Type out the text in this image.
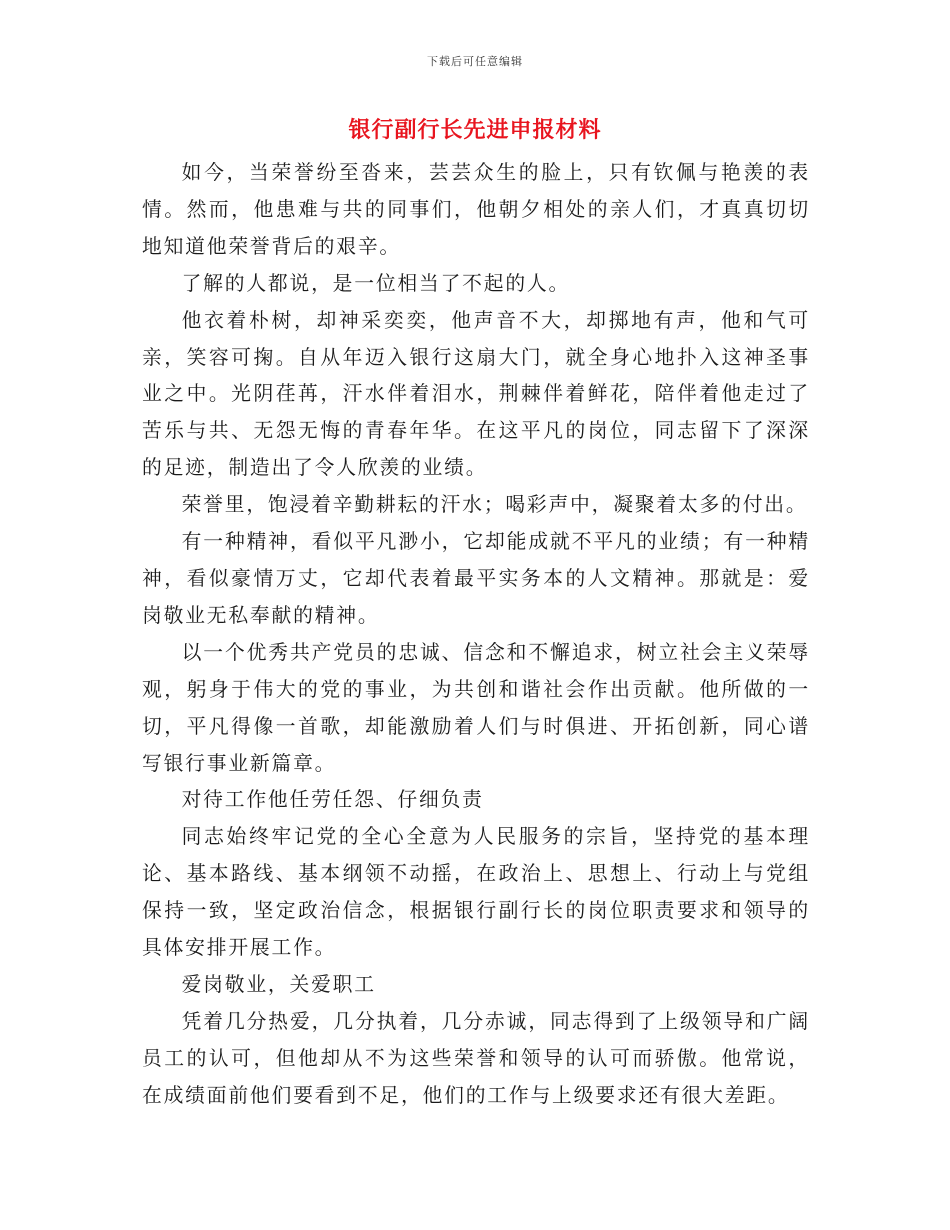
下载后可任意编辑
银行副行长先进申报材料

如今，当荣誉纷至沓来，芸芸众生的脸上，只有钦佩与艳羡的表情。然而，他患难与共的同事们，他朝夕相处的亲人们，才真真切切地知道他荣誉背后的艰辛。

了解的人都说，是一位相当了不起的人。

他衣着朴树，却神采奕奕，他声音不大，却掷地有声，他和气可亲，笑容可掬。自从年迈入银行这扇大门，就全身心地扑入这神圣事业之中。光阴荏苒，汗水伴着泪水，荆棘伴着鲜花，陪伴着他走过了苦乐与共、无怨无悔的青春年华。在这平凡的岗位，同志留下了深深的足迹，制造出了令人欣羡的业绩。

荣誉里，饱浸着辛勤耕耘的汗水；喝彩声中，凝聚着太多的付出。

有一种精神，看似平凡渺小，它却能成就不平凡的业绩；有一种精神，看似豪情万丈，它却代表着最平实务本的人文精神。那就是：爱岗敬业无私奉献的精神。

以一个优秀共产党员的忠诚、信念和不懈追求，树立社会主义荣辱观，躬身于伟大的党的事业，为共创和谐社会作出贡献。他所做的一切，平凡得像一首歌，却能激励着人们与时俱进、开拓创新，同心谱写银行事业新篇章。

对待工作他任劳任怨、仔细负责

同志始终牢记党的全心全意为人民服务的宗旨，坚持党的基本理论、基本路线、基本纲领不动摇，在政治上、思想上、行动上与党组保持一致，坚定政治信念，根据银行副行长的岗位职责要求和领导的具体安排开展工作。

爱岗敬业，关爱职工

凭着几分热爱，几分执着，几分赤诚，同志得到了上级领导和广阔员工的认可，但他却从不为这些荣誉和领导的认可而骄傲。他常说，在成绩面前他们要看到不足，他们的工作与上级要求还有很大差距。
